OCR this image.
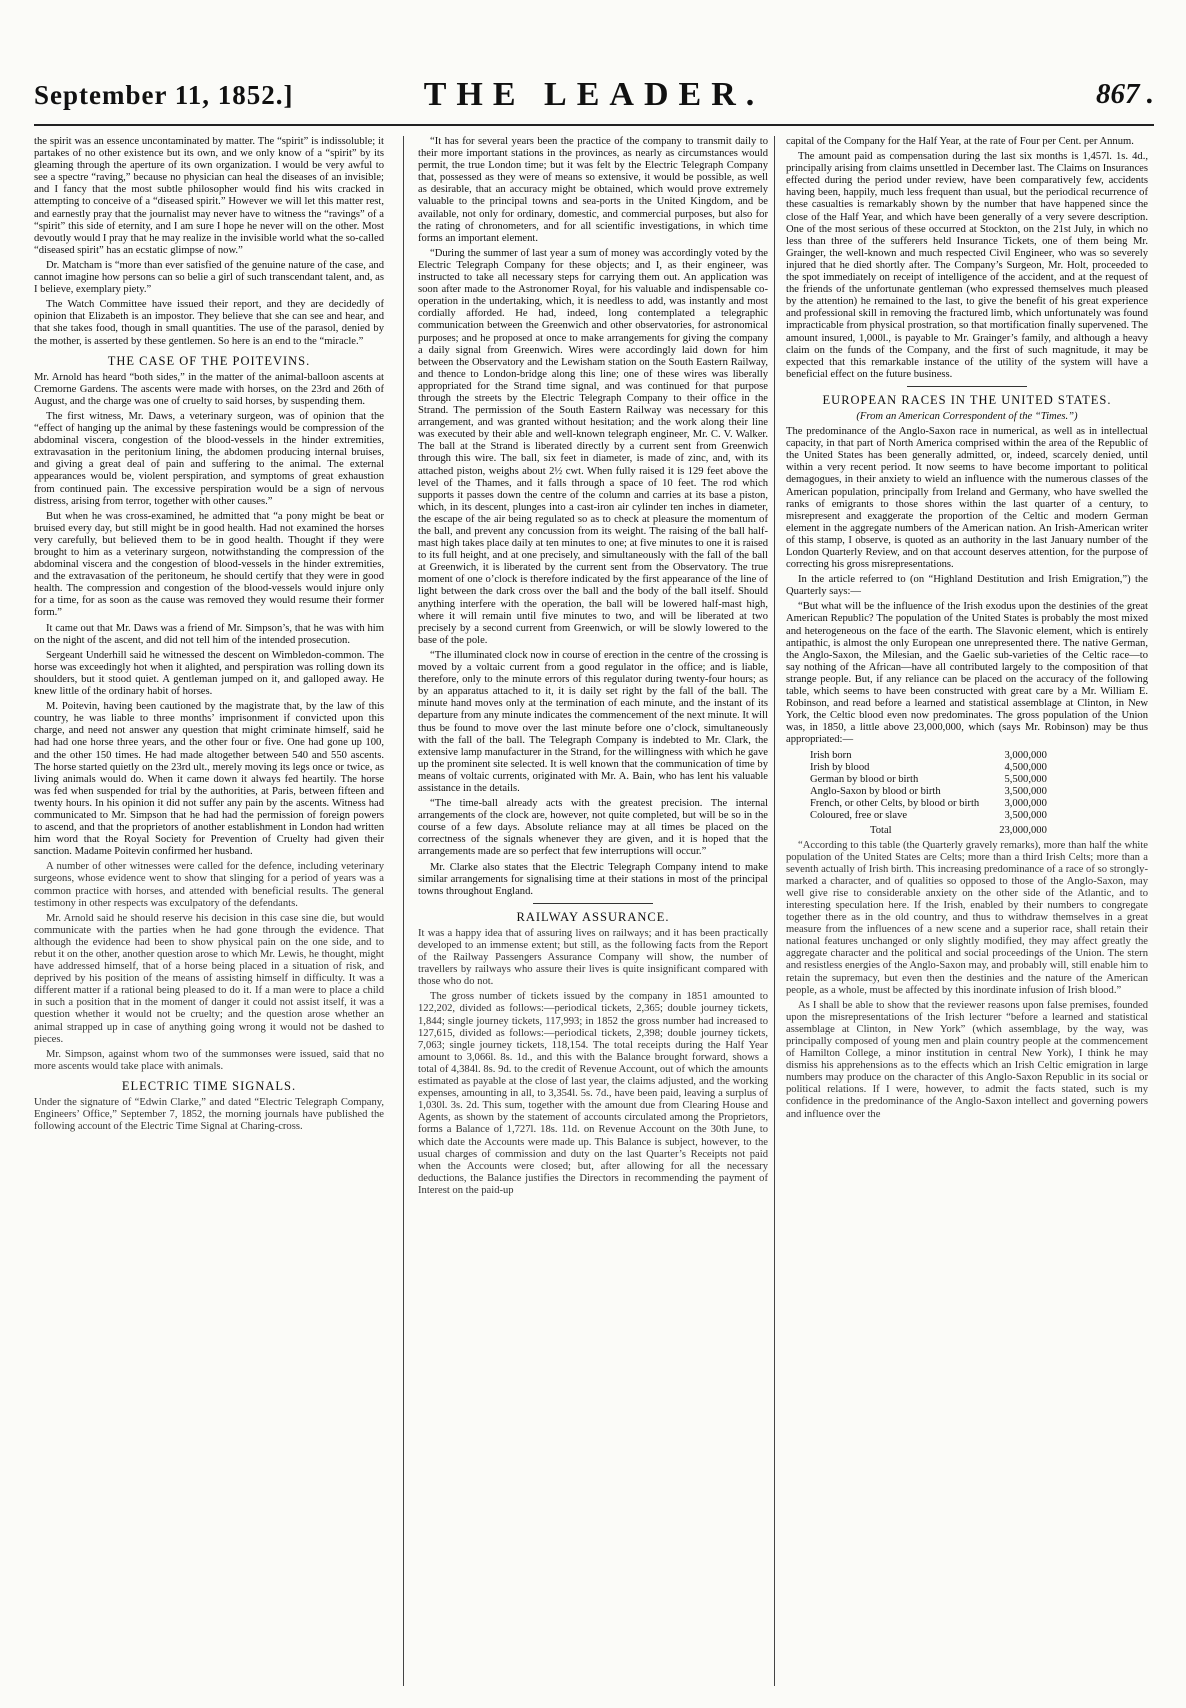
THE LEADER.
September 11, 1852.]	867 .

the spirit was an essence uncontaminated by matter. The “spirit” is indissoluble; it partakes of no other existence but its own, and we only know of a “spirit” by its gleaming through the aperture of its own organization. I would be very awful to see a spectre “raving,” because no physician can heal the diseases of an invisible; and I fancy that the most subtle philosopher would find his wits cracked in attempting to conceive of a “diseased spirit.” However we will let this matter rest, and earnestly pray that the journalist may never have to witness the “ravings” of a “spirit” this side of eternity, and I am sure I hope he never will on the other. Most devoutly would I pray that he may realize in the invisible world what the so-called “diseased spirit” has an ecstatic glimpse of now.”

Dr. Matcham is “more than ever satisfied of the genuine nature of the case, and cannot imagine how persons can so belie a girl of such transcendant talent, and, as I believe, exemplary piety.”

The Watch Committee have issued their report, and they are decidedly of opinion that Elizabeth is an impostor. They believe that she can see and hear, and that she takes food, though in small quantities. The use of the parasol, denied by the mother, is asserted by these gentlemen. So here is an end to the “miracle.”

THE CASE OF THE POITEVINS.

Mr. Arnold has heard “both sides,” in the matter of the animal-balloon ascents at Cremorne Gardens. The ascents were made with horses, on the 23rd and 26th of August, and the charge was one of cruelty to said horses, by suspending them.

The first witness, Mr. Daws, a veterinary surgeon, was of opinion that the “effect of hanging up the animal by these fastenings would be compression of the abdominal viscera, congestion of the blood-vessels in the hinder extremities, extravasation in the peritonium lining, the abdomen producing internal bruises, and giving a great deal of pain and suffering to the animal. The external appearances would be, violent perspiration, and symptoms of great exhaustion from continued pain. The excessive perspiration would be a sign of nervous distress, arising from terror, together with other causes.”

But when he was cross-examined, he admitted that “a pony might be beat or bruised every day, but still might be in good health. Had not examined the horses very carefully, but believed them to be in good health. Thought if they were brought to him as a veterinary surgeon, notwithstanding the compression of the abdominal viscera and the congestion of blood-vessels in the hinder extremities, and the extravasation of the peritoneum, he should certify that they were in good health. The compression and congestion of the blood-vessels would injure only for a time, for as soon as the cause was removed they would resume their former form.”

It came out that Mr. Daws was a friend of Mr. Simpson’s, that he was with him on the night of the ascent, and did not tell him of the intended prosecution.

Sergeant Underhill said he witnessed the descent on Wimbledon-common. The horse was exceedingly hot when it alighted, and perspiration was rolling down its shoulders, but it stood quiet. A gentleman jumped on it, and galloped away. He knew little of the ordinary habit of horses.

M. Poitevin, having been cautioned by the magistrate that, by the law of this country, he was liable to three months’ imprisonment if convicted upon this charge, and need not answer any question that might criminate himself, said he had had one horse three years, and the other four or five. One had gone up 100, and the other 150 times. He had made altogether between 540 and 550 ascents. The horse started quietly on the 23rd ult., merely moving its legs once or twice, as living animals would do. When it came down it always fed heartily. The horse was fed when suspended for trial by the authorities, at Paris, between fifteen and twenty hours. In his opinion it did not suffer any pain by the ascents. Witness had communicated to Mr. Simpson that he had had the permission of foreign powers to ascend, and that the proprietors of another establishment in London had written him word that the Royal Society for Prevention of Cruelty had given their sanction. Madame Poitevin confirmed her husband.

A number of other witnesses were called for the defence, including veterinary surgeons, whose evidence went to show that slinging for a period of years was a common practice with horses, and attended with beneficial results. The general testimony in other respects was exculpatory of the defendants.

Mr. Arnold said he should reserve his decision in this case sine die, but would communicate with the parties when he had gone through the evidence. That although the evidence had been to show physical pain on the one side, and to rebut it on the other, another question arose to which Mr. Lewis, he thought, might have addressed himself, that of a horse being placed in a situation of risk, and deprived by his position of the means of assisting himself in difficulty. It was a different matter if a rational being pleased to do it. If a man were to place a child in such a position that in the moment of danger it could not assist itself, it was a question whether it would not be cruelty; and the question arose whether an animal strapped up in case of anything going wrong it would not be dashed to pieces.

Mr. Simpson, against whom two of the summonses were issued, said that no more ascents would take place with animals.

ELECTRIC TIME SIGNALS.

Under the signature of “Edwin Clarke,” and dated “Electric Telegraph Company, Engineers’ Office,” September 7, 1852, the morning journals have published the following account of the Electric Time Signal at Charing-cross.

“It has for several years been the practice of the company to transmit daily to their more important stations in the provinces, as nearly as circumstances would permit, the true London time; but it was felt by the Electric Telegraph Company that, possessed as they were of means so extensive, it would be possible, as well as desirable, that an accuracy might be obtained, which would prove extremely valuable to the principal towns and sea-ports in the United Kingdom, and be available, not only for ordinary, domestic, and commercial purposes, but also for the rating of chronometers, and for all scientific investigations, in which time forms an important element.

“During the summer of last year a sum of money was accordingly voted by the Electric Telegraph Company for these objects; and I, as their engineer, was instructed to take all necessary steps for carrying them out. An application was soon after made to the Astronomer Royal, for his valuable and indispensable co-operation in the undertaking, which, it is needless to add, was instantly and most cordially afforded. He had, indeed, long contemplated a telegraphic communication between the Greenwich and other observatories, for astronomical purposes; and he proposed at once to make arrangements for giving the company a daily signal from Greenwich. Wires were accordingly laid down for him between the Observatory and the Lewisham station on the South Eastern Railway, and thence to London-bridge along this line; one of these wires was liberally appropriated for the Strand time signal, and was continued for that purpose through the streets by the Electric Telegraph Company to their office in the Strand. The permission of the South Eastern Railway was necessary for this arrangement, and was granted without hesitation; and the work along their line was executed by their able and well-known telegraph engineer, Mr. C. V. Walker. The ball at the Strand is liberated directly by a current sent from Greenwich through this wire. The ball, six feet in diameter, is made of zinc, and, with its attached piston, weighs about 2½ cwt. When fully raised it is 129 feet above the level of the Thames, and it falls through a space of 10 feet. The rod which supports it passes down the centre of the column and carries at its base a piston, which, in its descent, plunges into a cast-iron air cylinder ten inches in diameter, the escape of the air being regulated so as to check at pleasure the momentum of the ball, and prevent any concussion from its weight. The raising of the ball half-mast high takes place daily at ten minutes to one; at five minutes to one it is raised to its full height, and at one precisely, and simultaneously with the fall of the ball at Greenwich, it is liberated by the current sent from the Observatory. The true moment of one o’clock is therefore indicated by the first appearance of the line of light between the dark cross over the ball and the body of the ball itself. Should anything interfere with the operation, the ball will be lowered half-mast high, where it will remain until five minutes to two, and will be liberated at two precisely by a second current from Greenwich, or will be slowly lowered to the base of the pole.

“The illuminated clock now in course of erection in the centre of the crossing is moved by a voltaic current from a good regulator in the office; and is liable, therefore, only to the minute errors of this regulator during twenty-four hours; as by an apparatus attached to it, it is daily set right by the fall of the ball. The minute hand moves only at the termination of each minute, and the instant of its departure from any minute indicates the commencement of the next minute. It will thus be found to move over the last minute before one o’clock, simultaneously with the fall of the ball. The Telegraph Company is indebted to Mr. Clark, the extensive lamp manufacturer in the Strand, for the willingness with which he gave up the prominent site selected. It is well known that the communication of time by means of voltaic currents, originated with Mr. A. Bain, who has lent his valuable assistance in the details.

“The time-ball already acts with the greatest precision. The internal arrangements of the clock are, however, not quite completed, but will be so in the course of a few days. Absolute reliance may at all times be placed on the correctness of the signals whenever they are given, and it is hoped that the arrangements made are so perfect that few interruptions will occur.”

Mr. Clarke also states that the Electric Telegraph Company intend to make similar arrangements for signalising time at their stations in most of the principal towns throughout England.

RAILWAY ASSURANCE.

It was a happy idea that of assuring lives on railways; and it has been practically developed to an immense extent; but still, as the following facts from the Report of the Railway Passengers Assurance Company will show, the number of travellers by railways who assure their lives is quite insignificant compared with those who do not.

The gross number of tickets issued by the company in 1851 amounted to 122,202, divided as follows:—periodical tickets, 2,365; double journey tickets, 1,844; single journey tickets, 117,993; in 1852 the gross number had increased to 127,615, divided as follows:—periodical tickets, 2,398; double journey tickets, 7,063; single journey tickets, 118,154. The total receipts during the Half Year amount to 3,066l. 8s. 1d., and this with the Balance brought forward, shows a total of 4,384l. 8s. 9d. to the credit of Revenue Account, out of which the amounts estimated as payable at the close of last year, the claims adjusted, and the working expenses, amounting in all, to 3,354l. 5s. 7d., have been paid, leaving a surplus of 1,030l. 3s. 2d. This sum, together with the amount due from Clearing House and Agents, as shown by the statement of accounts circulated among the Proprietors, forms a Balance of 1,727l. 18s. 11d. on Revenue Account on the 30th June, to which date the Accounts were made up. This Balance is subject, however, to the usual charges of commission and duty on the last Quarter’s Receipts not paid when the Accounts were closed; but, after allowing for all the necessary deductions, the Balance justifies the Directors in recommending the payment of Interest on the paid-up

capital of the Company for the Half Year, at the rate of Four per Cent. per Annum.

The amount paid as compensation during the last six months is 1,457l. 1s. 4d., principally arising from claims unsettled in December last. The Claims on Insurances effected during the period under review, have been comparatively few, accidents having been, happily, much less frequent than usual, but the periodical recurrence of these casualties is remarkably shown by the number that have happened since the close of the Half Year, and which have been generally of a very severe description. One of the most serious of these occurred at Stockton, on the 21st July, in which no less than three of the sufferers held Insurance Tickets, one of them being Mr. Grainger, the well-known and much respected Civil Engineer, who was so severely injured that he died shortly after. The Company’s Surgeon, Mr. Holt, proceeded to the spot immediately on receipt of intelligence of the accident, and at the request of the friends of the unfortunate gentleman (who expressed themselves much pleased by the attention) he remained to the last, to give the benefit of his great experience and professional skill in removing the fractured limb, which unfortunately was found impracticable from physical prostration, so that mortification finally supervened. The amount insured, 1,000l., is payable to Mr. Grainger’s family, and although a heavy claim on the funds of the Company, and the first of such magnitude, it may be expected that this remarkable instance of the utility of the system will have a beneficial effect on the future business.

EUROPEAN RACES IN THE UNITED STATES.
(From an American Correspondent of the “Times.”)

The predominance of the Anglo-Saxon race in numerical, as well as in intellectual capacity, in that part of North America comprised within the area of the Republic of the United States has been generally admitted, or, indeed, scarcely denied, until within a very recent period. It now seems to have become important to political demagogues, in their anxiety to wield an influence with the numerous classes of the American population, principally from Ireland and Germany, who have swelled the ranks of emigrants to those shores within the last quarter of a century, to misrepresent and exaggerate the proportion of the Celtic and modern German element in the aggregate numbers of the American nation. An Irish-American writer of this stamp, I observe, is quoted as an authority in the last January number of the London Quarterly Review, and on that account deserves attention, for the purpose of correcting his gross misrepresentations.

In the article referred to (on “Highland Destitution and Irish Emigration,”) the Quarterly says:—

“But what will be the influence of the Irish exodus upon the destinies of the great American Republic? The population of the United States is probably the most mixed and heterogeneous on the face of the earth. The Slavonic element, which is entirely antipathic, is almost the only European one unrepresented there. The native German, the Anglo-Saxon, the Milesian, and the Gaelic sub-varieties of the Celtic race—to say nothing of the African—have all contributed largely to the composition of that strange people. But, if any reliance can be placed on the accuracy of the following table, which seems to have been constructed with great care by a Mr. William E. Robinson, and read before a learned and statistical assemblage at Clinton, in New York, the Celtic blood even now predominates. The gross population of the Union was, in 1850, a little above 23,000,000, which (says Mr. Robinson) may be thus appropriated:—

Irish born	3,000,000
Irish by blood	4,500,000
German by blood or birth	5,500,000
Anglo-Saxon by blood or birth	3,500,000
French, or other Celts, by blood or birth	3,000,000
Coloured, free or slave	3,500,000
Total	23,000,000

“According to this table (the Quarterly gravely remarks), more than half the white population of the United States are Celts; more than a third Irish Celts; more than a seventh actually of Irish birth. This increasing predominance of a race of so strongly-marked a character, and of qualities so opposed to those of the Anglo-Saxon, may well give rise to considerable anxiety on the other side of the Atlantic, and to interesting speculation here. If the Irish, enabled by their numbers to congregate together there as in the old country, and thus to withdraw themselves in a great measure from the influences of a new scene and a superior race, shall retain their national features unchanged or only slightly modified, they may affect greatly the aggregate character and the political and social proceedings of the Union. The stern and resistless energies of the Anglo-Saxon may, and probably will, still enable him to retain the supremacy, but even then the destinies and the nature of the American people, as a whole, must be affected by this inordinate infusion of Irish blood.”

As I shall be able to show that the reviewer reasons upon false premises, founded upon the misrepresentations of the Irish lecturer “before a learned and statistical assemblage at Clinton, in New York” (which assemblage, by the way, was principally composed of young men and plain country people at the commencement of Hamilton College, a minor institution in central New York), I think he may dismiss his apprehensions as to the effects which an Irish Celtic emigration in large numbers may produce on the character of this Anglo-Saxon Republic in its social or political relations. If I were, however, to admit the facts stated, such is my confidence in the predominance of the Anglo-Saxon intellect and governing powers and influence over the
